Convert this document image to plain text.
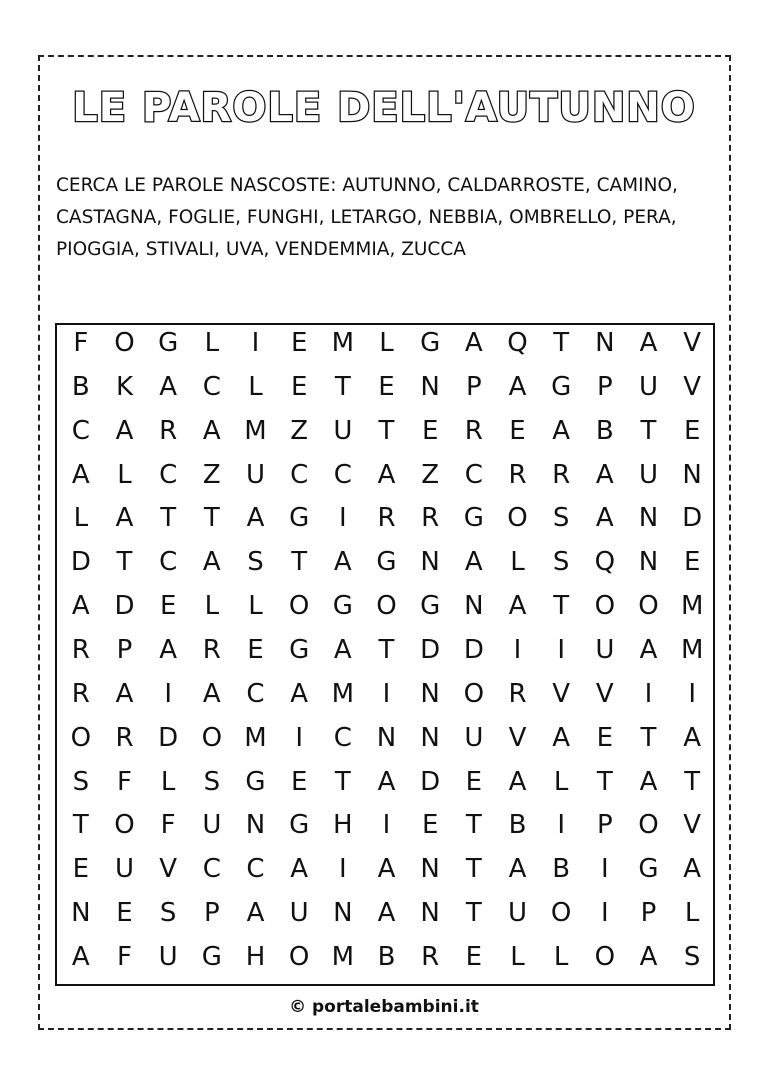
LE PAROLE DELL'AUTUNNO
CERCA LE PAROLE NASCOSTE: AUTUNNO, CALDARROSTE, CAMINO, CASTAGNA, FOGLIE, FUNGHI, LETARGO, NEBBIA, OMBRELLO, PERA, PIOGGIA, STIVALI, UVA, VENDEMMIA, ZUCCA
F O G	L	I	E M L	G A Q T	N A V
B	K	A C	L	E	T	E N	P	A G P	U V
C A R A M Z U	T	E	R	E	A B	T	E
A	L	C Z U C C A Z C R R A U N
L	A	T	T	A G	I	R R G O S	A N D
D T	C A	S	T	A G N A	L	S Q N E
A D E	L	L	O G O G N A	T O O M
R	P	A R	E G A	T D D	I	I	U A M
R A	I	A C A M	I	N O R V V	I	I
O R D O M	I	C N N U V A	E	T	A
S	F	L	S G E	T	A D E	A	L	T	A	T
T O F	U N G H	I	E	T	B	I	P O V
E U V C C A	I	A N	T	A B	I	G A
N E	S	P	A U N A N	T	U O	I	P	L
A	F	U G H O M B R	E	L	L	O A	S
© portalebambini.it
